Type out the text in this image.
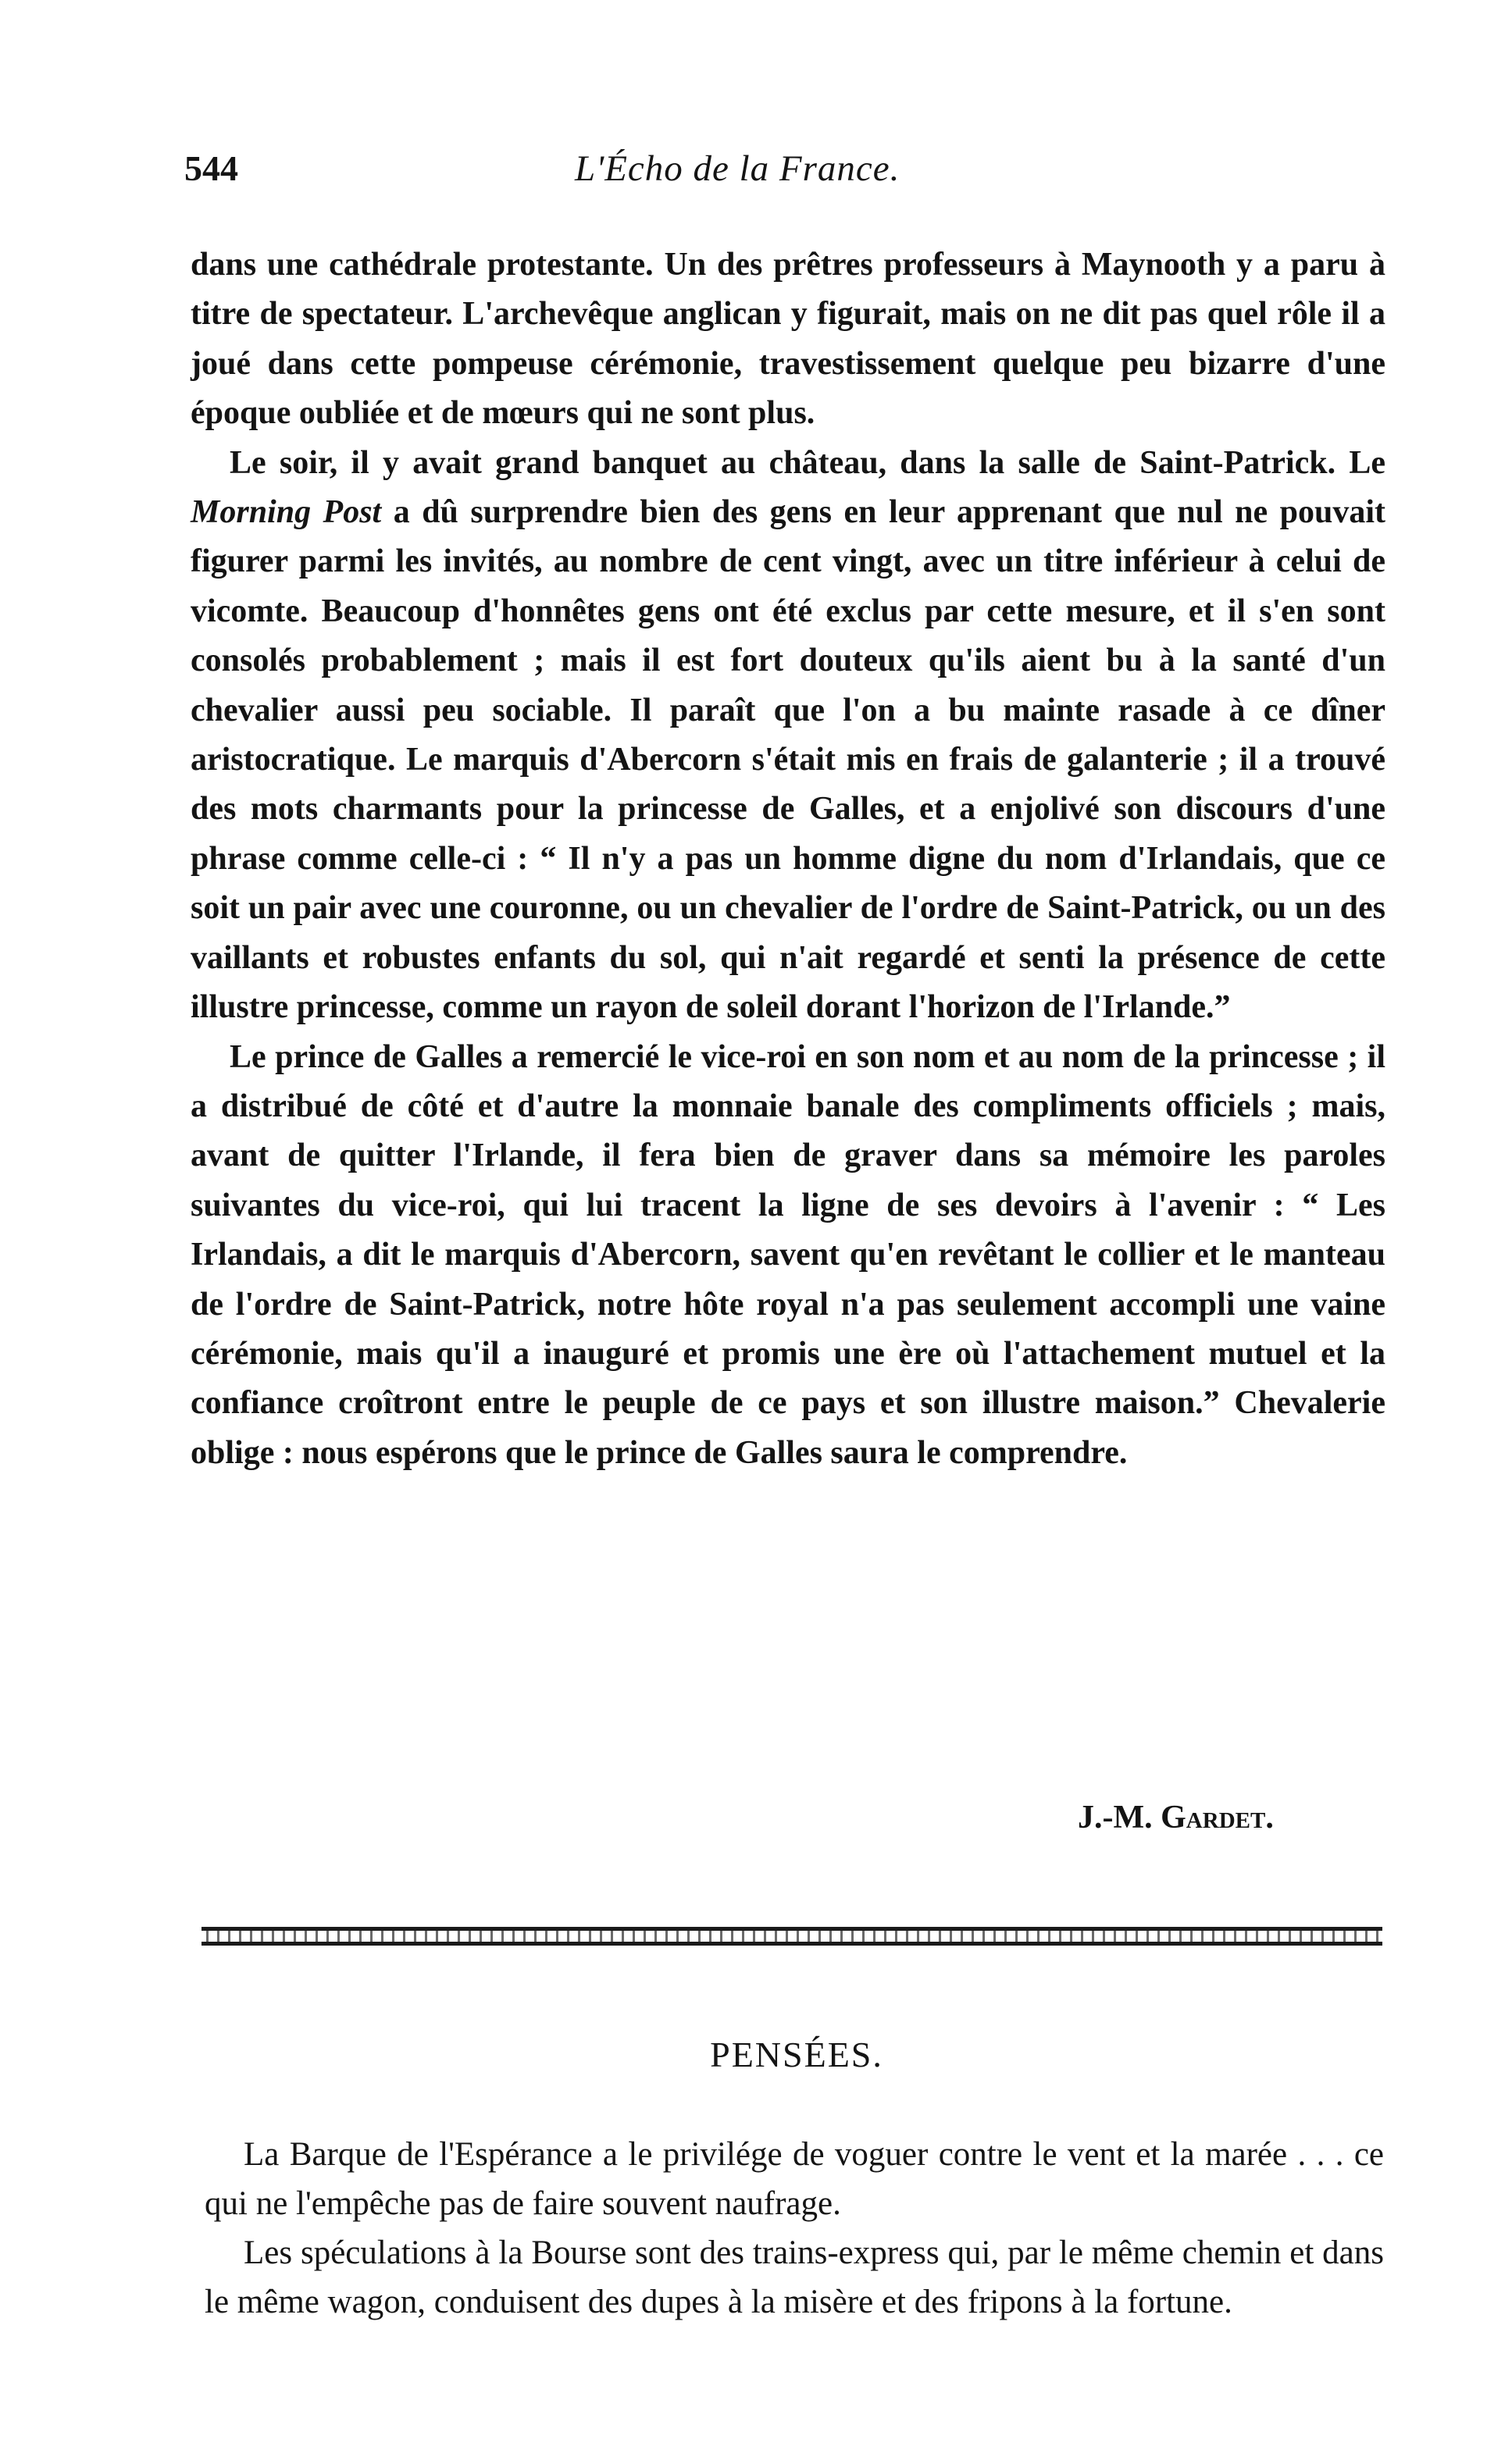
544	L'Écho de la France.

dans une cathédrale protestante. Un des prêtres professeurs à Maynooth y a paru à titre de spectateur. L'archevêque anglican y figurait, mais on ne dit pas quel rôle il a joué dans cette pompeuse cérémonie, travestissement quelque peu bizarre d'une époque oubliée et de mœurs qui ne sont plus.

Le soir, il y avait grand banquet au château, dans la salle de Saint-Patrick. Le Morning Post a dû surprendre bien des gens en leur apprenant que nul ne pouvait figurer parmi les invités, au nombre de cent vingt, avec un titre inférieur à celui de vicomte. Beaucoup d'honnêtes gens ont été exclus par cette mesure, et il s'en sont consolés probablement ; mais il est fort douteux qu'ils aient bu à la santé d'un chevalier aussi peu sociable. Il paraît que l'on a bu mainte rasade à ce dîner aristocratique. Le marquis d'Abercorn s'était mis en frais de galanterie ; il a trouvé des mots charmants pour la princesse de Galles, et a enjolivé son discours d'une phrase comme celle-ci : “ Il n'y a pas un homme digne du nom d'Irlandais, que ce soit un pair avec une couronne, ou un chevalier de l'ordre de Saint-Patrick, ou un des vaillants et robustes enfants du sol, qui n'ait regardé et senti la présence de cette illustre princesse, comme un rayon de soleil dorant l'horizon de l'Irlande.”

Le prince de Galles a remercié le vice-roi en son nom et au nom de la princesse ; il a distribué de côté et d'autre la monnaie banale des compliments officiels ; mais, avant de quitter l'Irlande, il fera bien de graver dans sa mémoire les paroles suivantes du vice-roi, qui lui tracent la ligne de ses devoirs à l'avenir : “ Les Irlandais, a dit le marquis d'Abercorn, savent qu'en revêtant le collier et le manteau de l'ordre de Saint-Patrick, notre hôte royal n'a pas seulement accompli une vaine cérémonie, mais qu'il a inauguré et promis une ère où l'attachement mutuel et la confiance croîtront entre le peuple de ce pays et son illustre maison.” Chevalerie oblige : nous espérons que le prince de Galles saura le comprendre.

J.-M. Gardet.
PENSÉES.

La Barque de l'Espérance a le privilége de voguer contre le vent et la marée . . . ce qui ne l'empêche pas de faire souvent naufrage.

Les spéculations à la Bourse sont des trains-express qui, par le même chemin et dans le même wagon, conduisent des dupes à la misère et des fripons à la fortune.
